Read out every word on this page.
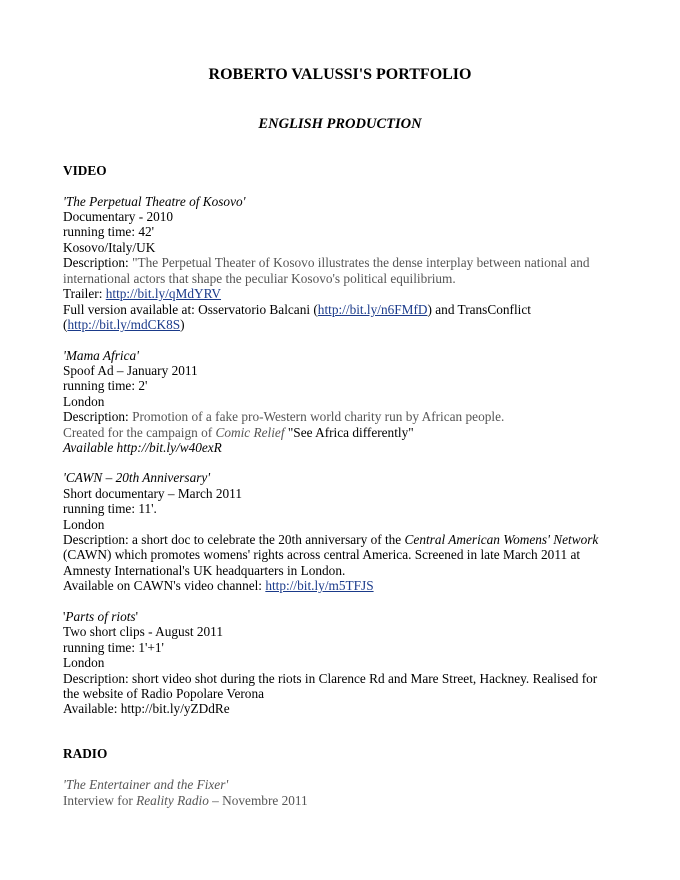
ROBERTO VALUSSI'S PORTFOLIO
ENGLISH PRODUCTION
VIDEO
'The Perpetual Theatre of Kosovo'
Documentary - 2010
running time: 42'
Kosovo/Italy/UK
Description: "The Perpetual Theater of Kosovo illustrates the dense interplay between national and
international actors that shape the peculiar Kosovo's political equilibrium.
Trailer: http://bit.ly/qMdYRV
Full version available at: Osservatorio Balcani (http://bit.ly/n6FMfD) and TransConflict
(http://bit.ly/mdCK8S)
'Mama Africa'
Spoof Ad – January 2011
running time: 2'
London
Description: Promotion of a fake pro-Western world charity run by African people.
Created for the campaign of Comic Relief "See Africa differently"
Available http://bit.ly/w40exR
'CAWN – 20th Anniversary'
Short documentary – March 2011
running time: 11'.
London
Description: a short doc to celebrate the 20th anniversary of the Central American Womens' Network
(CAWN) which promotes womens' rights across central America. Screened in late March 2011 at
Amnesty International's UK headquarters in London.
Available on CAWN's video channel: http://bit.ly/m5TFJS
'Parts of riots'
Two short clips - August 2011
running time: 1'+1'
London
Description: short video shot during the riots in Clarence Rd and Mare Street, Hackney. Realised for
the website of Radio Popolare Verona
Available: http://bit.ly/yZDdRe
RADIO
'The Entertainer and the Fixer'
Interview for Reality Radio – Novembre 2011
